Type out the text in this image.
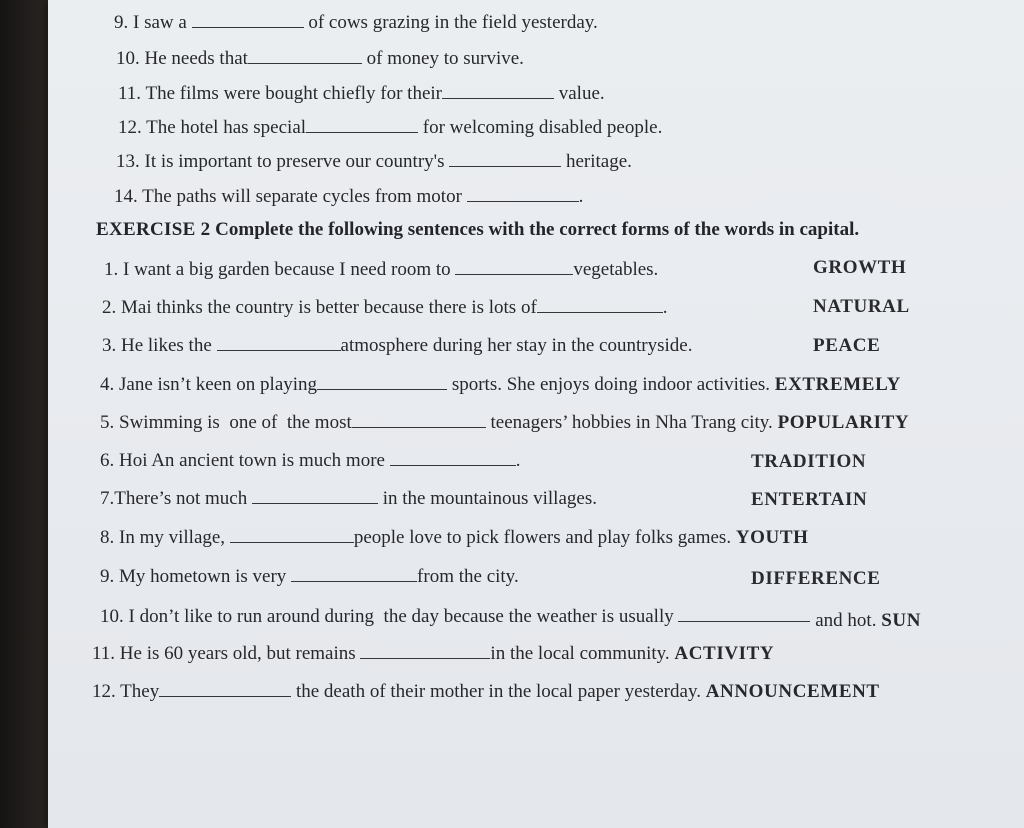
9. I saw a	of cows grazing in the field yesterday.
10. He needs that	of money to survive.
11. The films were bought chiefly for their	value.
12. The hotel has special	for welcoming disabled people.
13. It is important to preserve our country's	heritage.
14. The paths will separate cycles from motor	.
EXERCISE 2 Complete the following sentences with the correct forms of the words in capital.
1. I want a big garden because I need room to	vegetables.	GROWTH
2. Mai thinks the country is better because there is lots of	.	NATURAL
3. He likes the	atmosphere during her stay in the countryside.	PEACE
4. Jane isn’t keen on playing	sports. She enjoys doing indoor activities. EXTREMELY
5. Swimming is  one of  the most	teenagers’ hobbies in Nha Trang city. POPULARITY
6. Hoi An ancient town is much more	.	TRADITION
7.There’s not much	in the mountainous villages.	ENTERTAIN
8. In my village,	people love to pick flowers and play folks games. YOUTH
9. My hometown is very	from the city.	DIFFERENCE
10. I don’t like to run around during  the day because the weather is usually	and hot. SUN
11. He is 60 years old, but remains	in the local community. ACTIVITY
12. They	the death of their mother in the local paper yesterday. ANNOUNCEMENT
